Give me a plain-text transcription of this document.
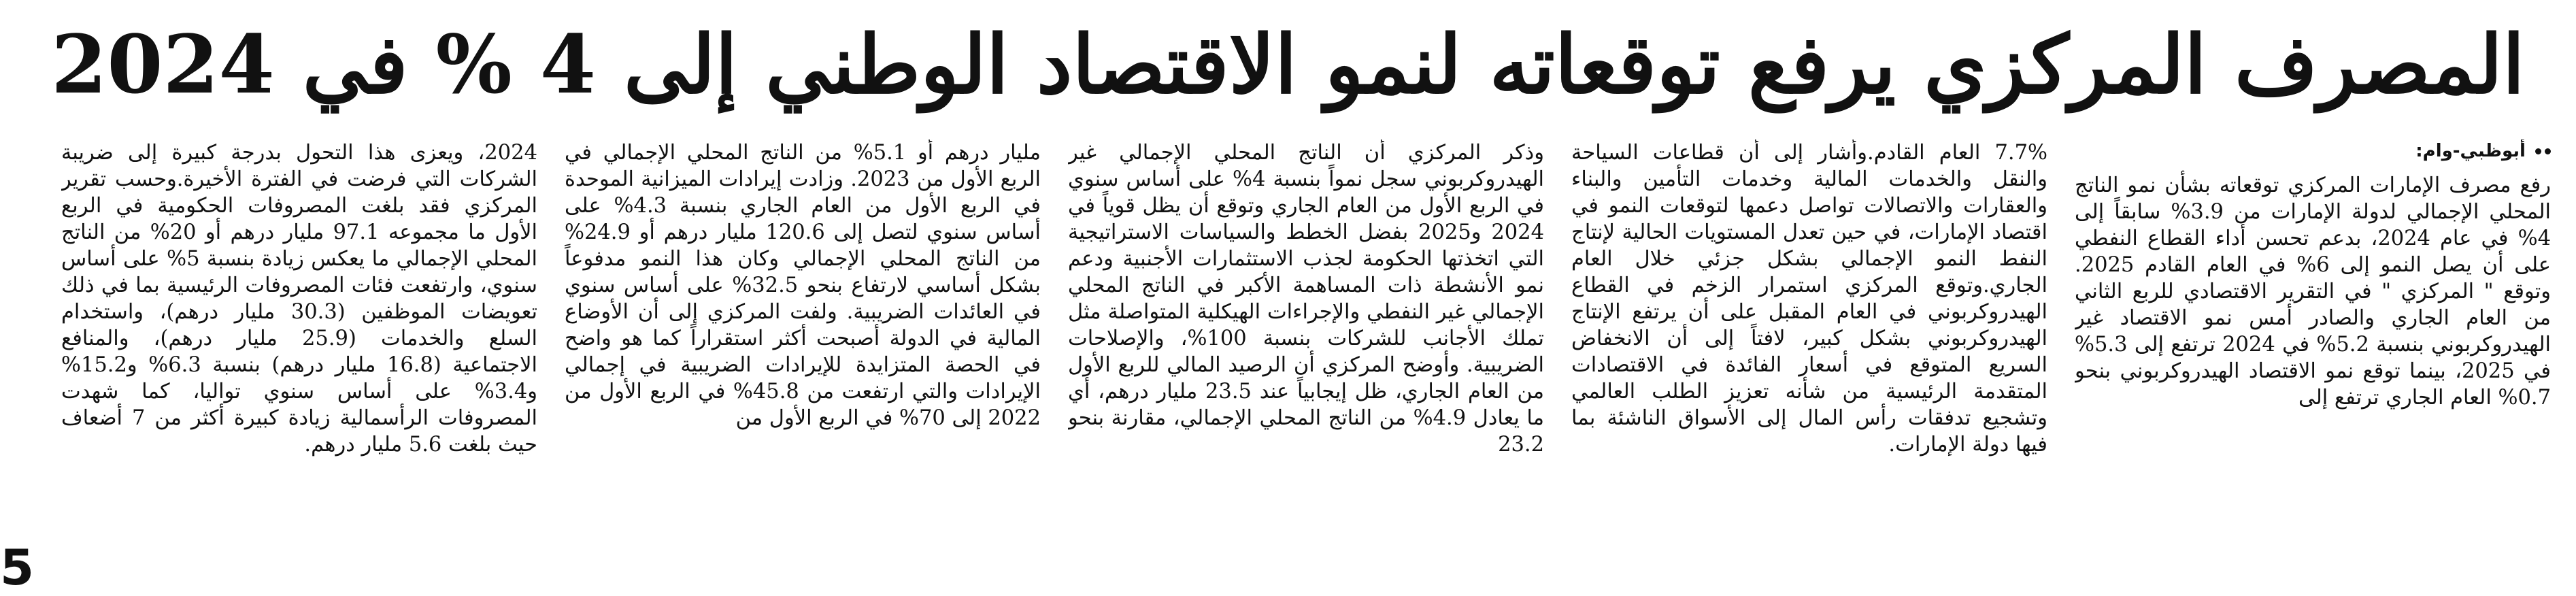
المصرف المركزي يرفع توقعاته لنمو الاقتصاد الوطني إلى 4 % في 2024
أبوظبي-وام:

رفع مصرف الإمارات المركزي توقعاته بشأن نمو الناتج المحلي الإجمالي لدولة الإمارات من 3.9% سابقاً إلى 4% في عام 2024، بدعم تحسن أداء القطاع النفطي على أن يصل النمو إلى 6% في العام القادم 2025. وتوقع " المركزي " في التقرير الاقتصادي للربع الثاني من العام الجاري والصادر أمس نمو الاقتصاد غير الهيدروكربوني بنسبة 5.2% في 2024 ترتفع إلى 5.3% في 2025، بينما توقع نمو الاقتصاد الهيدروكربوني بنحو 0.7% العام الجاري ترتفع إلى

7.7% العام القادم.وأشار إلى أن قطاعات السياحة والنقل والخدمات المالية وخدمات التأمين والبناء والعقارات والاتصالات تواصل دعمها لتوقعات النمو في اقتصاد الإمارات، في حين تعدل المستويات الحالية لإنتاج النفط النمو الإجمالي بشكل جزئي خلال العام الجاري.وتوقع المركزي استمرار الزخم في القطاع الهيدروكربوني في العام المقبل على أن يرتفع الإنتاج الهيدروكربوني بشكل كبير، لافتاً إلى أن الانخفاض السريع المتوقع في أسعار الفائدة في الاقتصادات المتقدمة الرئيسية من شأنه تعزيز الطلب العالمي وتشجيع تدفقات رأس المال إلى الأسواق الناشئة بما فيها دولة الإمارات.

وذكر المركزي أن الناتج المحلي الإجمالي غير الهيدروكربوني سجل نمواً بنسبة 4% على أساس سنوي في الربع الأول من العام الجاري وتوقع أن يظل قوياً في 2024 و2025 بفضل الخطط والسياسات الاستراتيجية التي اتخذتها الحكومة لجذب الاستثمارات الأجنبية ودعم نمو الأنشطة ذات المساهمة الأكبر في الناتج المحلي الإجمالي غير النفطي والإجراءات الهيكلية المتواصلة مثل تملك الأجانب للشركات بنسبة 100%، والإصلاحات الضريبية. وأوضح المركزي أن الرصيد المالي للربع الأول من العام الجاري، ظل إيجابياً عند 23.5 مليار درهم، أي ما يعادل 4.9% من الناتج المحلي الإجمالي، مقارنة بنحو 23.2

مليار درهم أو 5.1% من الناتج المحلي الإجمالي في الربع الأول من 2023. وزادت إيرادات الميزانية الموحدة في الربع الأول من العام الجاري بنسبة 4.3% على أساس سنوي لتصل إلى 120.6 مليار درهم أو 24.9% من الناتج المحلي الإجمالي وكان هذا النمو مدفوعاً بشكل أساسي لارتفاع بنحو 32.5% على أساس سنوي في العائدات الضريبية. ولفت المركزي إلى أن الأوضاع المالية في الدولة أصبحت أكثر استقراراً كما هو واضح في الحصة المتزايدة للإيرادات الضريبية في إجمالي الإيرادات والتي ارتفعت من 45.8% في الربع الأول من 2022 إلى 70% في الربع الأول من

2024، ويعزى هذا التحول بدرجة كبيرة إلى ضريبة الشركات التي فرضت في الفترة الأخيرة.وحسب تقرير المركزي فقد بلغت المصروفات الحكومية في الربع الأول ما مجموعه 97.1 مليار درهم أو 20% من الناتج المحلي الإجمالي ما يعكس زيادة بنسبة 5% على أساس سنوي، وارتفعت فئات المصروفات الرئيسية بما في ذلك تعويضات الموظفين (30.3 مليار درهم)، واستخدام السلع والخدمات (25.9 مليار درهم)، والمنافع الاجتماعية (16.8 مليار درهم) بنسبة 6.3% و15.2% و3.4% على أساس سنوي تواليا، كما شهدت المصروفات الرأسمالية زيادة كبيرة أكثر من 7 أضعاف حيث بلغت 5.6 مليار درهم.

5
